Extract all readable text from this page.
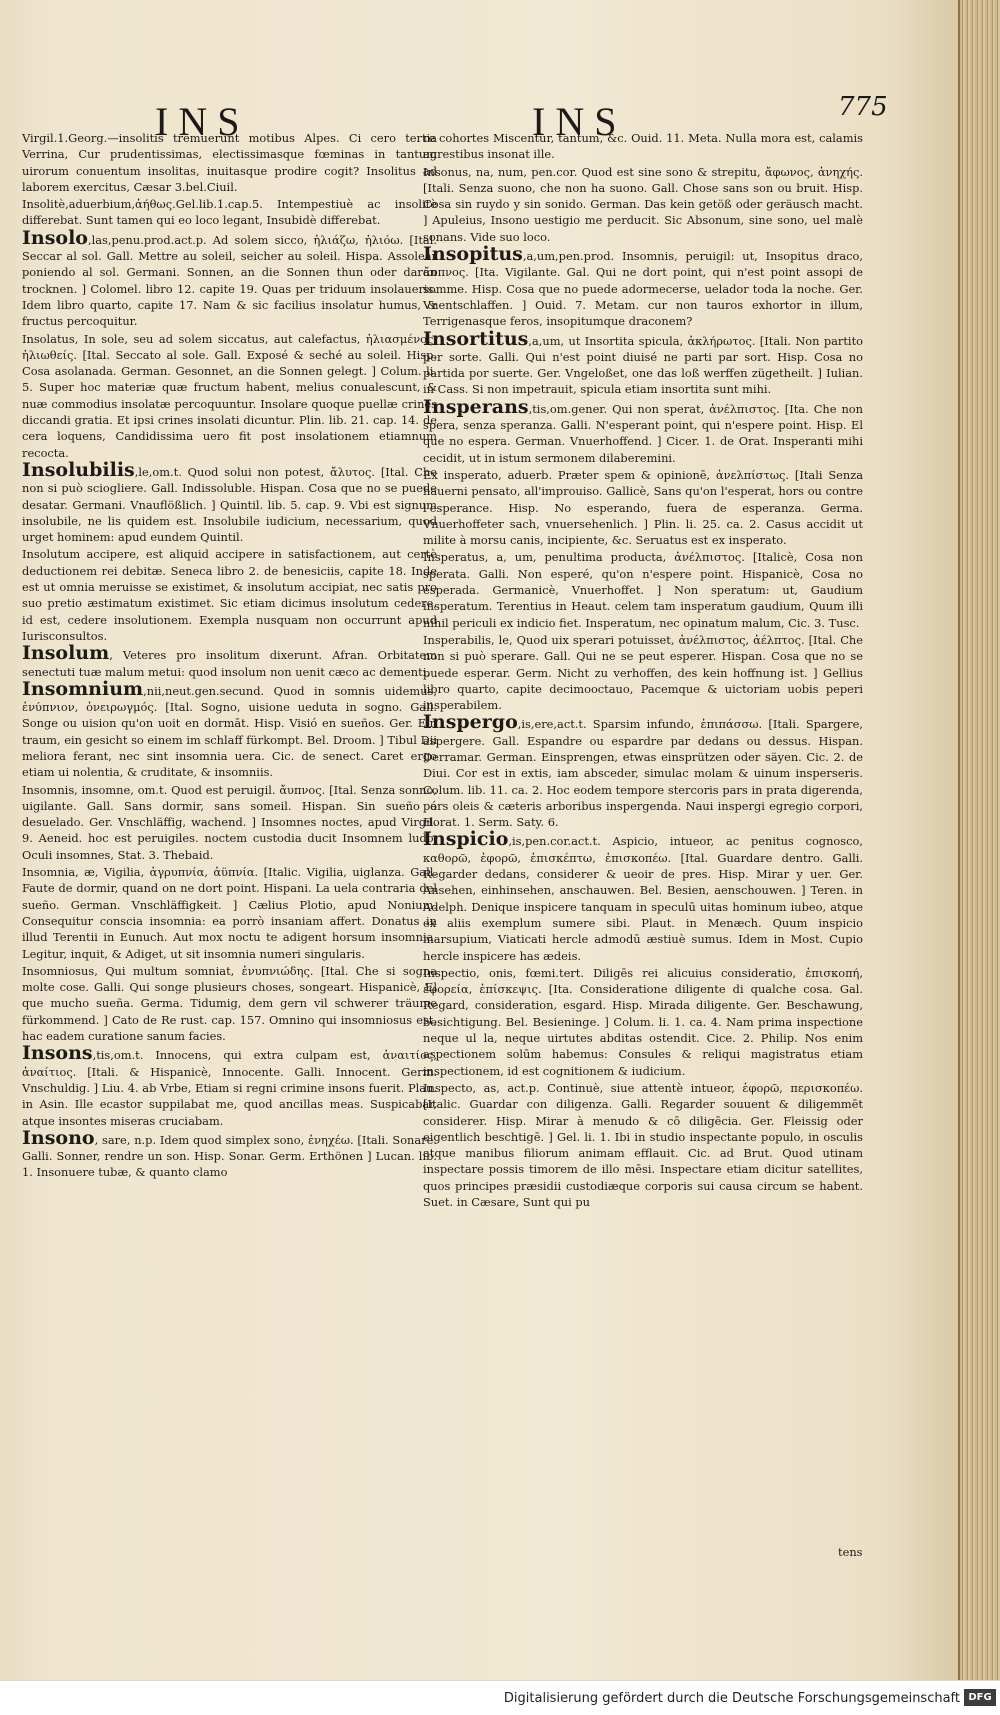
INS	INS	775
Virgil.1.Georg.—insolitis tremuerunt motibus Alpes. Ci cero tertia Verrina, Cur prudentissimas, electissimasque fœminas in tantum uirorum conuentum insolitas, inuitasque prodire cogit? Insolitus ad laborem exercitus, Cæsar 3.bel.Ciuil.
Insolitè,aduerbium,ἀήθως.Gel.lib.1.cap.5. Intempestiuè ac insolitè differebat. Sunt tamen qui eo loco legant, Insubidè differebat.
Insolo,las,penu.prod.act.p. Ad solem sicco, ἡλιάζω, ἡλιόω. [Ital. Seccar al sol. Gall. Mettre au soleil, seicher au soleil. Hispa. Assolear poniendo al sol. Germani. Sonnen, an die Sonnen thun oder daran trocknen. ] Colomel. libro 12. capite 19. Quas per triduum insolaueris. Idem libro quarto, capite 17. Nam & sic facilius insolatur humus, & fructus percoquitur.
Insolatus, In sole, seu ad solem siccatus, aut calefactus, ἡλιασμένος, ἡλιωθείς. [Ital. Seccato al sole. Gall. Exposé & seché au soleil. Hisp. Cosa asolanada. German. Gesonnet, an die Sonnen gelegt. ] Colum. li. 5. Super hoc materiæ quæ fructum habent, melius conualescunt, & nuæ commodius insolatæ percoquuntur. Insolare quoque puellæ crines diccandi gratia. Et ipsi crines insolati dicuntur. Plin. lib. 21. cap. 14. de cera loquens, Candidissima uero fit post insolationem etiamnum recocta.
Insolubilis,le,om.t. Quod solui non potest, ἄλυτος. [Ital. Che non si può sciogliere. Gall. Indissoluble. Hispan. Cosa que no se puede desatar. Germani. Vnauflößlich. ] Quintil. lib. 5. cap. 9. Vbi est signum insolubile, ne lis quidem est. Insolubile iudicium, necessarium, quod urget hominem: apud eundem Quintil.
Insolutum accipere, est aliquid accipere in satisfactionem, aut certè deductionem rei debitæ. Seneca libro 2. de benesiciis, capite 18. Inde est ut omnia meruisse se existimet, & insolutum accipiat, nec satis pro suo pretio æstimatum existimet. Sic etiam dicimus insolutum cedere, id est, cedere insolutionem. Exempla nusquam non occurrunt apud Iurisconsultos.
Insolum, Veteres pro insolitum dixerunt. Afran. Orbitatem senectuti tuæ malum metui: quod insolum non uenit cæco ac dementi.
Insomnium,nii,neut.gen.secund. Quod in somnis uidemus, ἐνύπνιον, ὀνειρωγμός. [Ital. Sogno, uisione ueduta in sogno. Gall. Songe ou uision qu'on uoit en dormāt. Hisp. Visió en sueños. Ger. Ein traum, ein gesicht so einem im schlaff fürkompt. Bel. Droom. ] Tibul Dii meliora ferant, nec sint insomnia uera. Cic. de senect. Caret ergo etiam ui nolentia, & cruditate, & insomniis.
Insomnis, insomne, om.t. Quod est peruigil. ἄυπνος. [Ital. Senza sonno, uigilante. Gall. Sans dormir, sans someil. Hispan. Sin sueño ó desuelado. Ger. Vnschläffig, wachend. ] Insomnes noctes, apud Virgil. 9. Aeneid. hoc est peruigiles. noctem custodia ducit Insomnem ludo. Oculi insomnes, Stat. 3. Thebaid.
Insomnia, æ, Vigilia, ἀγρυπνία, ἀϋπνία. [Italic. Vigilia, uiglanza. Gall. Faute de dormir, quand on ne dort point. Hispani. La uela contraria del sueño. German. Vnschläffigkeit. ] Cælius Plotio, apud Nonium. Consequitur conscia insomnia: ea porrò insaniam affert. Donatus in illud Terentii in Eunuch. Aut mox noctu te adigent horsum insomnia. Legitur, inquit, & Adiget, ut sit insomnia numeri singularis.
Insomniosus, Qui multum somniat, ἐνυπνιώδης. [Ital. Che si sogna molte cose. Galli. Qui songe plusieurs choses, songeart. Hispanicè, El que mucho sueña. Germa. Tidumig, dem gern vil schwerer träume fürkommend. ] Cato de Re rust. cap. 157. Omnino qui insomniosus est, hac eadem curatione sanum facies.
Insons,tis,om.t. Innocens, qui extra culpam est, ἀναιτίος, ἀναίτιος. [Itali. & Hispanicè, Innocente. Galli. Innocent. Germ. Vnschuldig. ] Liu. 4. ab Vrbe, Etiam si regni crimine insons fuerit. Plau. in Asin. Ille ecastor suppilabat me, quod ancillas meas. Suspicabar, atque insontes miseras cruciabam.
Insono, sare, n.p. Idem quod simplex sono, ἐνηχέω. [Itali. Sonare. Galli. Sonner, rendre un son. Hisp. Sonar. Germ. Erthönen ] Lucan. lib. 1. Insonuere tubæ, & quanto clamo
re cohortes Miscentur, tantum, &c. Ouid. 11. Meta. Nulla mora est, calamis agrestibus insonat ille.
Insonus, na, num, pen.cor. Quod est sine sono & strepitu, ἄφωνος, ἀνηχής. [Itali. Senza suono, che non ha suono. Gall. Chose sans son ou bruit. Hisp. Cosa sin ruydo y sin sonido. German. Das kein getöß oder geräusch macht. ] Apuleius, Insono uestigio me perducit. Sic Absonum, sine sono, uel malè sonans. Vide suo loco.
Insopitus,a,um,pen.prod. Insomnis, peruigil: ut, Insopitus draco, ἄυπνος. [Ita. Vigilante. Gal. Qui ne dort point, qui n'est point assopi de somme. Hisp. Cosa que no puede adormecerse, uelador toda la noche. Ger. Vnentschlaffen. ] Ouid. 7. Metam. cur non tauros exhortor in illum, Terrigenasque feros, insopitumque draconem?
Insortitus,a,um, ut Insortita spicula, ἀκλήρωτος. [Itali. Non partito per sorte. Galli. Qui n'est point diuisé ne parti par sort. Hisp. Cosa no partida por suerte. Ger. Vngeloßet, one das loß werffen zügetheilt. ] Iulian. in Cass. Si non impetrauit, spicula etiam insortita sunt mihi.
Insperans,tis,om.gener. Qui non sperat, ἀνέλπιστος. [Ita. Che non spera, senza speranza. Galli. N'esperant point, qui n'espere point. Hisp. El que no espera. German. Vnuerhoffend. ] Cicer. 1. de Orat. Insperanti mihi cecidit, ut in istum sermonem dilaberemini.
Ex insperato, aduerb. Præter spem & opinionē, ἀνελπίστως. [Itali Senza hauerni pensato, all'improuiso. Gallicè, Sans qu'on l'esperat, hors ou contre l'esperance. Hisp. No esperando, fuera de esperanza. Germa. Vnuerhoffeter sach, vnuersehenlich. ] Plin. li. 25. ca. 2. Casus accidit ut milite à morsu canis, incipiente, &c. Seruatus est ex insperato.
Insperatus, a, um, penultima producta, ἀνέλπιστος. [Italicè, Cosa non sperata. Galli. Non esperé, qu'on n'espere point. Hispanicè, Cosa no esperada. Germanicè, Vnuerhoffet. ] Non speratum: ut, Gaudium insperatum. Terentius in Heaut. celem tam insperatum gaudium, Quum illi nihil periculi ex indicio fiet. Insperatum, nec opinatum malum, Cic. 3. Tusc.
Insperabilis, le, Quod uix sperari potuisset, ἀνέλπιστος, ἀέλπτος. [Ital. Che non si può sperare. Gall. Qui ne se peut esperer. Hispan. Cosa que no se puede esperar. Germ. Nicht zu verhoffen, des kein hoffnung ist. ] Gellius libro quarto, capite decimooctauo, Pacemque & uictoriam uobis peperi insperabilem.
Inspergo,is,ere,act.t. Sparsim infundo, ἐπιπάσσω. [Itali. Spargere, aspergere. Gall. Espandre ou espardre par dedans ou dessus. Hispan. Derramar. German. Einsprengen, etwas einsprützen oder säyen. Cic. 2. de Diui. Cor est in extis, iam absceder, simulac molam & uinum insperseris. Colum. lib. 11. ca. 2. Hoc eodem tempore stercoris pars in prata digerenda, pars oleis & cæteris arboribus inspergenda. Naui inspergi egregio corpori, Horat. 1. Serm. Saty. 6.
Inspicio,is,pen.cor.act.t. Aspicio, intueor, ac penitus cognosco, καθορῶ, ἐφορῶ, ἐπισκέπτω, ἐπισκοπέω. [Ital. Guardare dentro. Galli. Regarder dedans, considerer & ueoir de pres. Hisp. Mirar y uer. Ger. Ansehen, einhinsehen, anschauwen. Bel. Besien, aenschouwen. ] Teren. in Adelph. Denique inspicere tanquam in speculū uitas hominum iubeo, atque ex aliis exemplum sumere sibi. Plaut. in Menæch. Quum inspicio marsupium, Viaticati hercle admodū æstiuè sumus. Idem in Most. Cupio hercle inspicere has ædeis.
Inspectio, onis, fœmi.tert. Diligēs rei alicuius consideratio, ἐπισκοπή, ἐφορεία, ἐπίσκεψις. [Ita. Consideratione diligente di qualche cosa. Gal. Regard, consideration, esgard. Hisp. Mirada diligente. Ger. Beschawung, besichtigung. Bel. Besieninge. ] Colum. li. 1. ca. 4. Nam prima inspectione neque ul la, neque uirtutes abditas ostendit. Cice. 2. Philip. Nos enim aspectionem solūm habemus: Consules & reliqui magistratus etiam inspectionem, id est cognitionem & iudicium.
Inspecto, as, act.p. Continuè, siue attentè intueor, ἐφορῶ, περισκοπέω. [Italic. Guardar con diligenza. Galli. Regarder souuent & diligemmēt considerer. Hisp. Mirar à menudo & cō diligēcia. Ger. Fleissig oder eigentlich beschtigē. ] Gel. li. 1. Ibi in studio inspectante populo, in osculis atque manibus filiorum animam efflauit. Cic. ad Brut. Quod utinam inspectare possis timorem de illo mēsi. Inspectare etiam dicitur satellites, quos principes præsidii custodiæque corporis sui causa circum se habent. Suet. in Cæsare, Sunt qui pu
tens
Digitalisierung gefördert durch die Deutsche Forschungsgemeinschaft DFG
